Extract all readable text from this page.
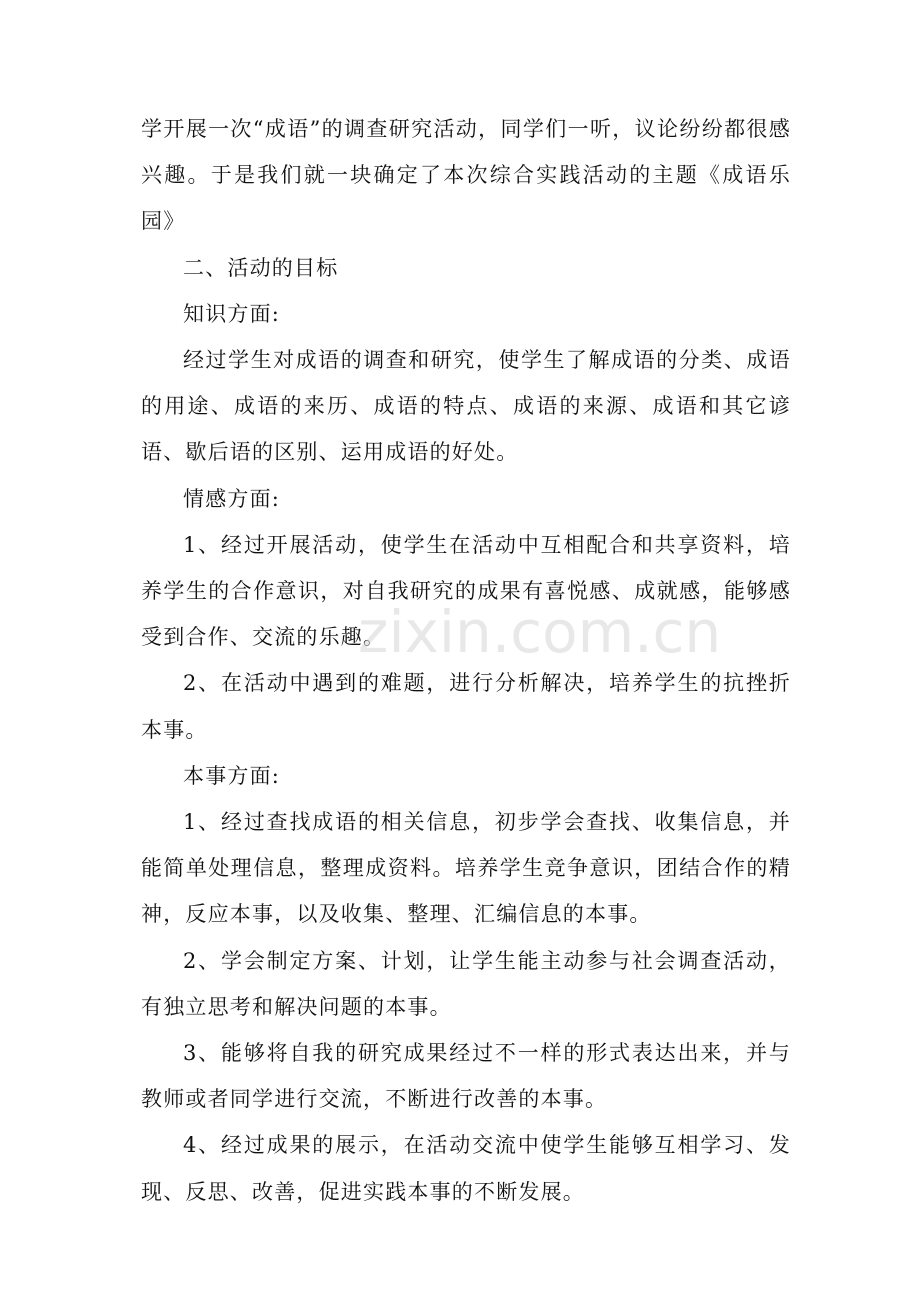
学开展一次“成语”的调查研究活动，同学们一听，议论纷纷都很感兴趣。于是我们就一块确定了本次综合实践活动的主题《成语乐园》

二、活动的目标

知识方面:

经过学生对成语的调查和研究，使学生了解成语的分类、成语的用途、成语的来历、成语的特点、成语的来源、成语和其它谚语、歇后语的区别、运用成语的好处。

情感方面:

1、经过开展活动，使学生在活动中互相配合和共享资料，培养学生的合作意识，对自我研究的成果有喜悦感、成就感，能够感受到合作、交流的乐趣。

2、在活动中遇到的难题，进行分析解决，培养学生的抗挫折本事。

本事方面:

1、经过查找成语的相关信息，初步学会查找、收集信息，并能简单处理信息，整理成资料。培养学生竞争意识，团结合作的精神，反应本事，以及收集、整理、汇编信息的本事。

2、学会制定方案、计划，让学生能主动参与社会调查活动，有独立思考和解决问题的本事。

3、能够将自我的研究成果经过不一样的形式表达出来，并与教师或者同学进行交流，不断进行改善的本事。

4、经过成果的展示，在活动交流中使学生能够互相学习、发现、反思、改善，促进实践本事的不断发展。

zixin.com.cn
